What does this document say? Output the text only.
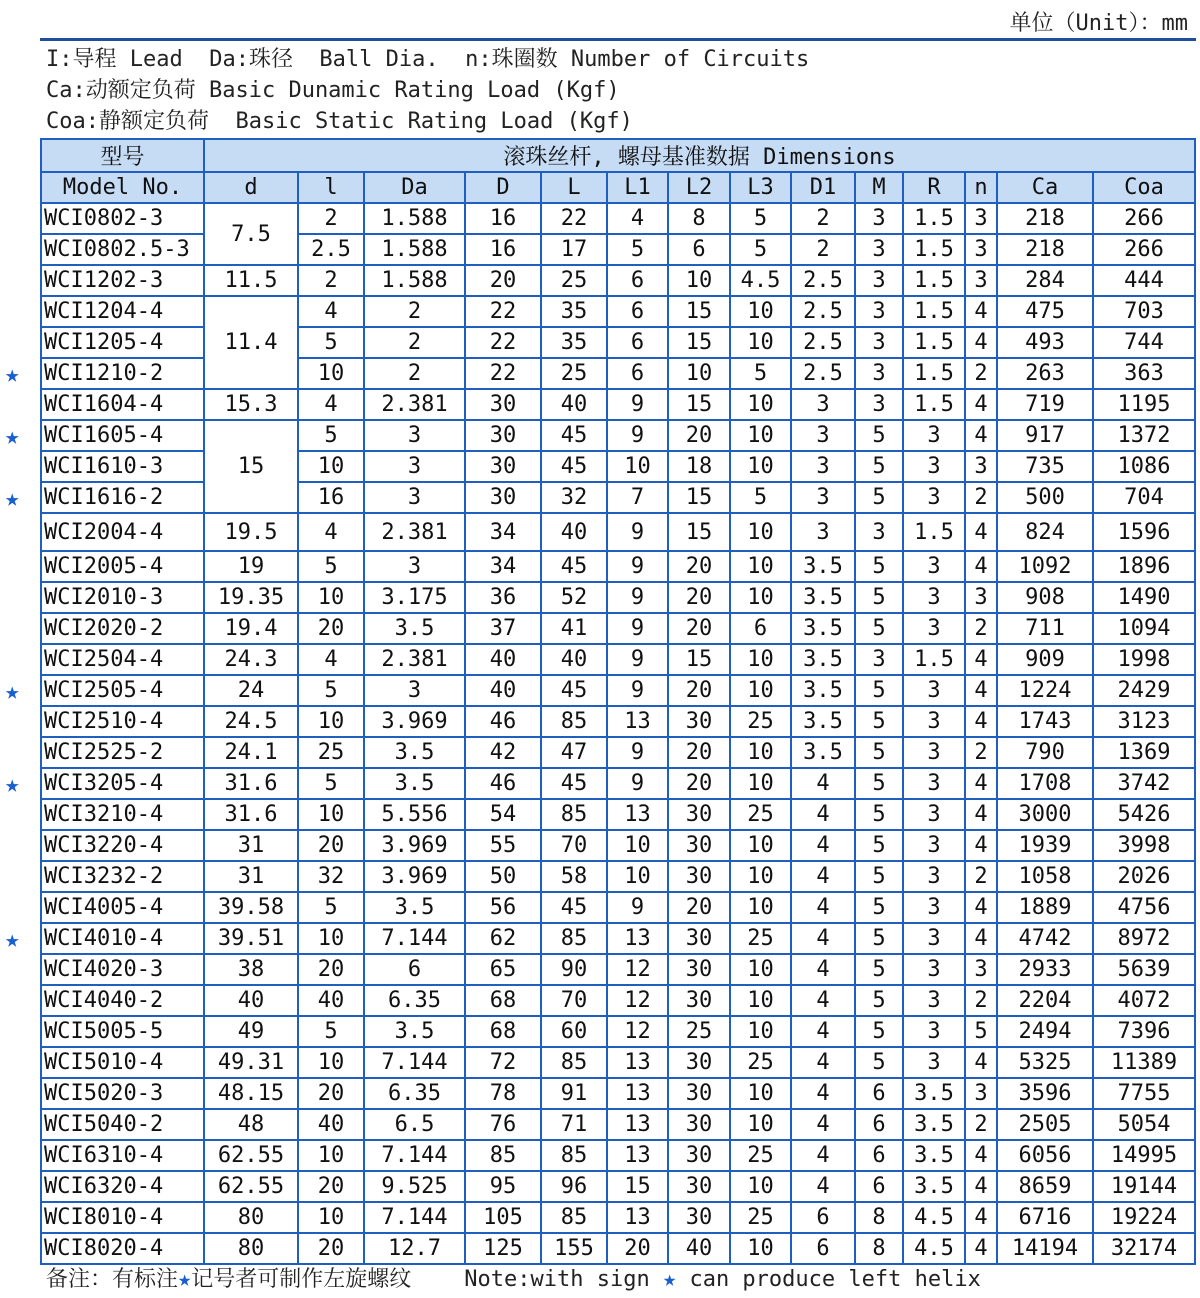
单位（Unit）：mm
I:导程 Lead  Da:珠径  Ball Dia.  n:珠圈数 Number of Circuits
Ca:动额定负荷 Basic Dunamic Rating Load (Kgf)
Coa:静额定负荷  Basic Static Rating Load (Kgf)
型号	滚珠丝杆, 螺母基准数据 Dimensions													
Model No.	d	l	Da	D	L	L1	L2	L3	D1	M	R	n	Ca	Coa
WCI0802-3	7.5	2	1.588	16	22	4	8	5	2	3	1.5	3	218	266
WCI0802.5-3		2.5	1.588	16	17	5	6	5	2	3	1.5	3	218	266
WCI1202-3	11.5	2	1.588	20	25	6	10	4.5	2.5	3	1.5	3	284	444
WCI1204-4	11.4	4	2	22	35	6	15	10	2.5	3	1.5	4	475	703
WCI1205-4		5	2	22	35	6	15	10	2.5	3	1.5	4	493	744
WCI1210-2		10	2	22	25	6	10	5	2.5	3	1.5	2	263	363
WCI1604-4	15.3	4	2.381	30	40	9	15	10	3	3	1.5	4	719	1195
WCI1605-4	15	5	3	30	45	9	20	10	3	5	3	4	917	1372
WCI1610-3		10	3	30	45	10	18	10	3	5	3	3	735	1086
WCI1616-2		16	3	30	32	7	15	5	3	5	3	2	500	704
WCI2004-4	19.5	4	2.381	34	40	9	15	10	3	3	1.5	4	824	1596
WCI2005-4	19	5	3	34	45	9	20	10	3.5	5	3	4	1092	1896
WCI2010-3	19.35	10	3.175	36	52	9	20	10	3.5	5	3	3	908	1490
WCI2020-2	19.4	20	3.5	37	41	9	20	6	3.5	5	3	2	711	1094
WCI2504-4	24.3	4	2.381	40	40	9	15	10	3.5	3	1.5	4	909	1998
WCI2505-4	24	5	3	40	45	9	20	10	3.5	5	3	4	1224	2429
WCI2510-4	24.5	10	3.969	46	85	13	30	25	3.5	5	3	4	1743	3123
WCI2525-2	24.1	25	3.5	42	47	9	20	10	3.5	5	3	2	790	1369
WCI3205-4	31.6	5	3.5	46	45	9	20	10	4	5	3	4	1708	3742
WCI3210-4	31.6	10	5.556	54	85	13	30	25	4	5	3	4	3000	5426
WCI3220-4	31	20	3.969	55	70	10	30	10	4	5	3	4	1939	3998
WCI3232-2	31	32	3.969	50	58	10	30	10	4	5	3	2	1058	2026
WCI4005-4	39.58	5	3.5	56	45	9	20	10	4	5	3	4	1889	4756
WCI4010-4	39.51	10	7.144	62	85	13	30	25	4	5	3	4	4742	8972
WCI4020-3	38	20	6	65	90	12	30	10	4	5	3	3	2933	5639
WCI4040-2	40	40	6.35	68	70	12	30	10	4	5	3	2	2204	4072
WCI5005-5	49	5	3.5	68	60	12	25	10	4	5	3	5	2494	7396
WCI5010-4	49.31	10	7.144	72	85	13	30	25	4	5	3	4	5325	11389
WCI5020-3	48.15	20	6.35	78	91	13	30	10	4	6	3.5	3	3596	7755
WCI5040-2	48	40	6.5	76	71	13	30	10	4	6	3.5	2	2505	5054
WCI6310-4	62.55	10	7.144	85	85	13	30	25	4	6	3.5	4	6056	14995
WCI6320-4	62.55	20	9.525	95	96	15	30	10	4	6	3.5	4	8659	19144
WCI8010-4	80	10	7.144	105	85	13	30	25	6	8	4.5	4	6716	19224
WCI8020-4	80	20	12.7	125	155	20	40	10	6	8	4.5	4	14194	32174
备注：有标注★记号者可制作左旋螺纹 Note:with sign ★ can produce left helix
★
★
★
★
★
★
